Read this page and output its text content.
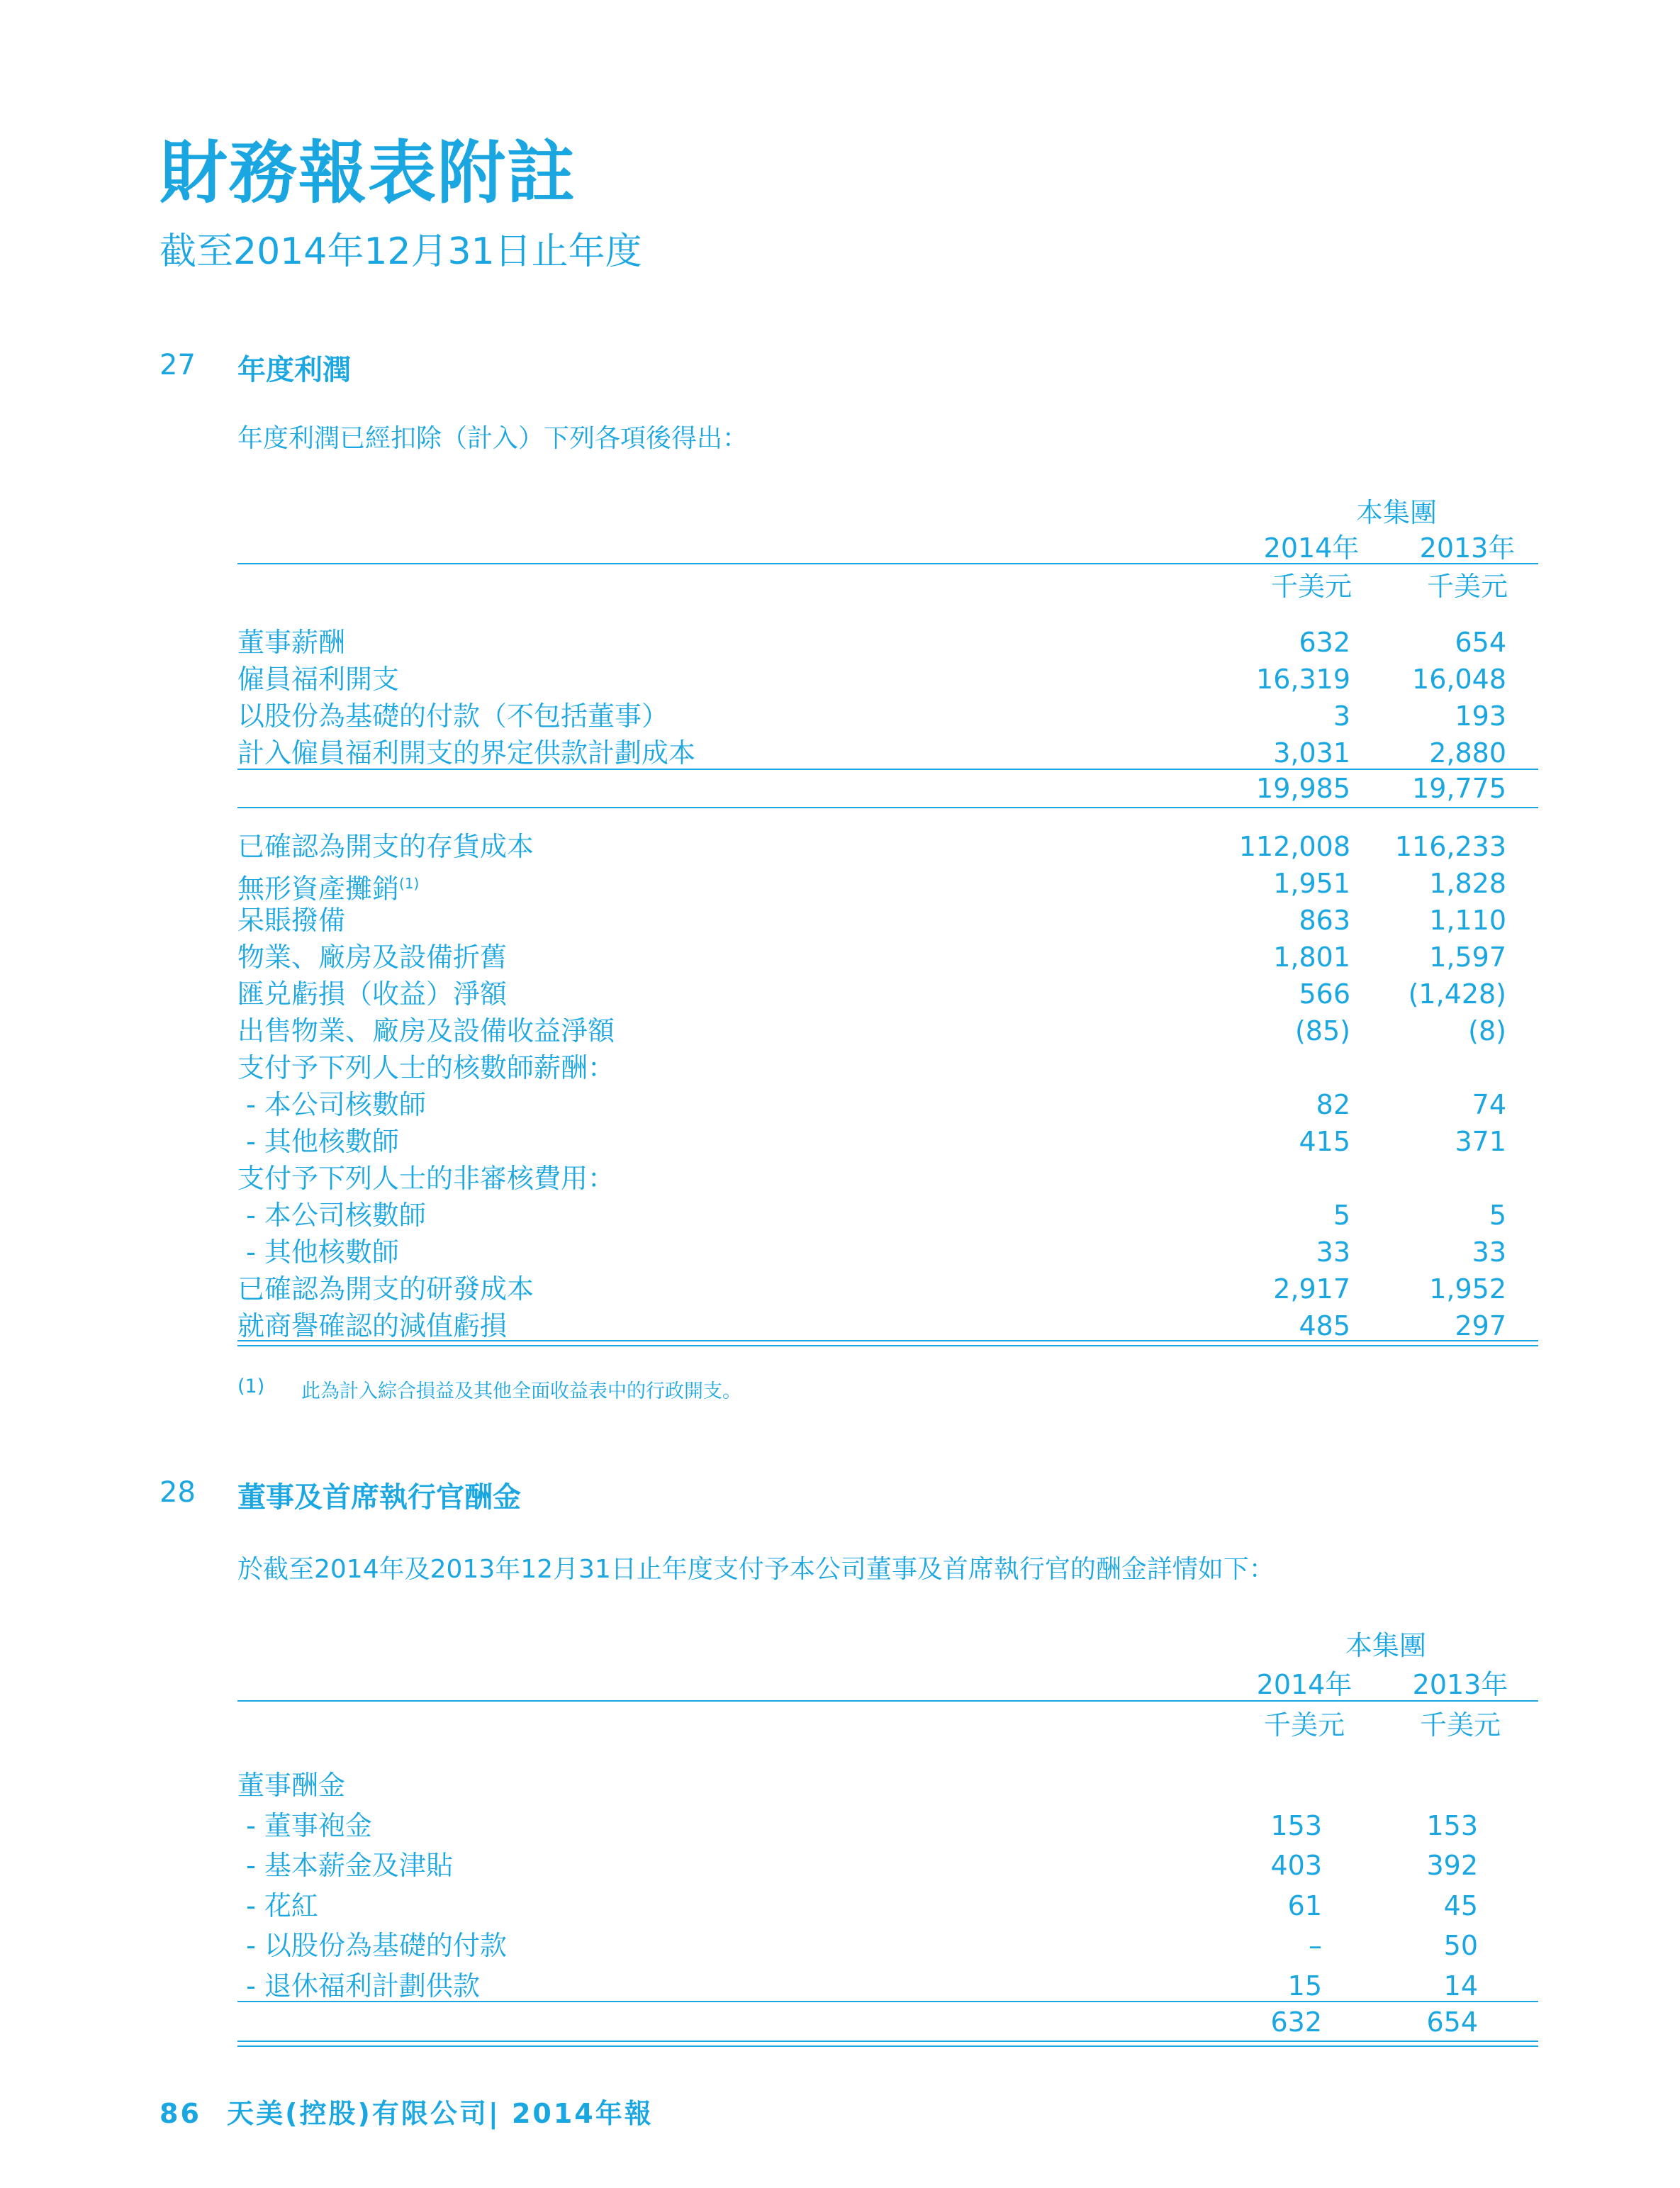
財務報表附註
截至2014年12月31日止年度
27 年度利潤
年度利潤已經扣除（計入）下列各項後得出：
本集團
2014年	2013年
千美元	千美元
董事薪酬	632	654
僱員福利開支	16,319 16,048
以股份為基礎的付款（不包括董事）	3	193
計入僱員福利開支的界定供款計劃成本	3,031	2,880
19,985 19,775
已確認為開支的存貨成本	112,008 116,233
無形資產攤銷$^{(1)}$	1,951	1,828
呆賬撥備	863	1,110
物業、廠房及設備折舊	1,801	1,597
匯兑虧損（收益）淨額	566 (1,428)
出售物業、廠房及設備收益淨額	(85)	(8)
支付予下列人士的核數師薪酬：
- 本公司核數師	82	74
- 其他核數師	415	371
支付予下列人士的非審核費用：
- 本公司核數師	5	5
- 其他核數師	33	33
已確認為開支的研發成本	2,917	1,952
就商譽確認的減值虧損	485	297
(1) 此為計入綜合損益及其他全面收益表中的行政開支。
28 董事及首席執行官酬金
於截至2014年及2013年12月31日止年度支付予本公司董事及首席執行官的酬金詳情如下：
本集團
2014年	2013年
千美元	千美元
董事酬金
- 董事袍金	153	153
- 基本薪金及津貼	403	392
- 花紅	61	45
- 以股份為基礎的付款	–	50
- 退休福利計劃供款	15	14
632	654
86 天美(控股)有限公司| 2014年報
